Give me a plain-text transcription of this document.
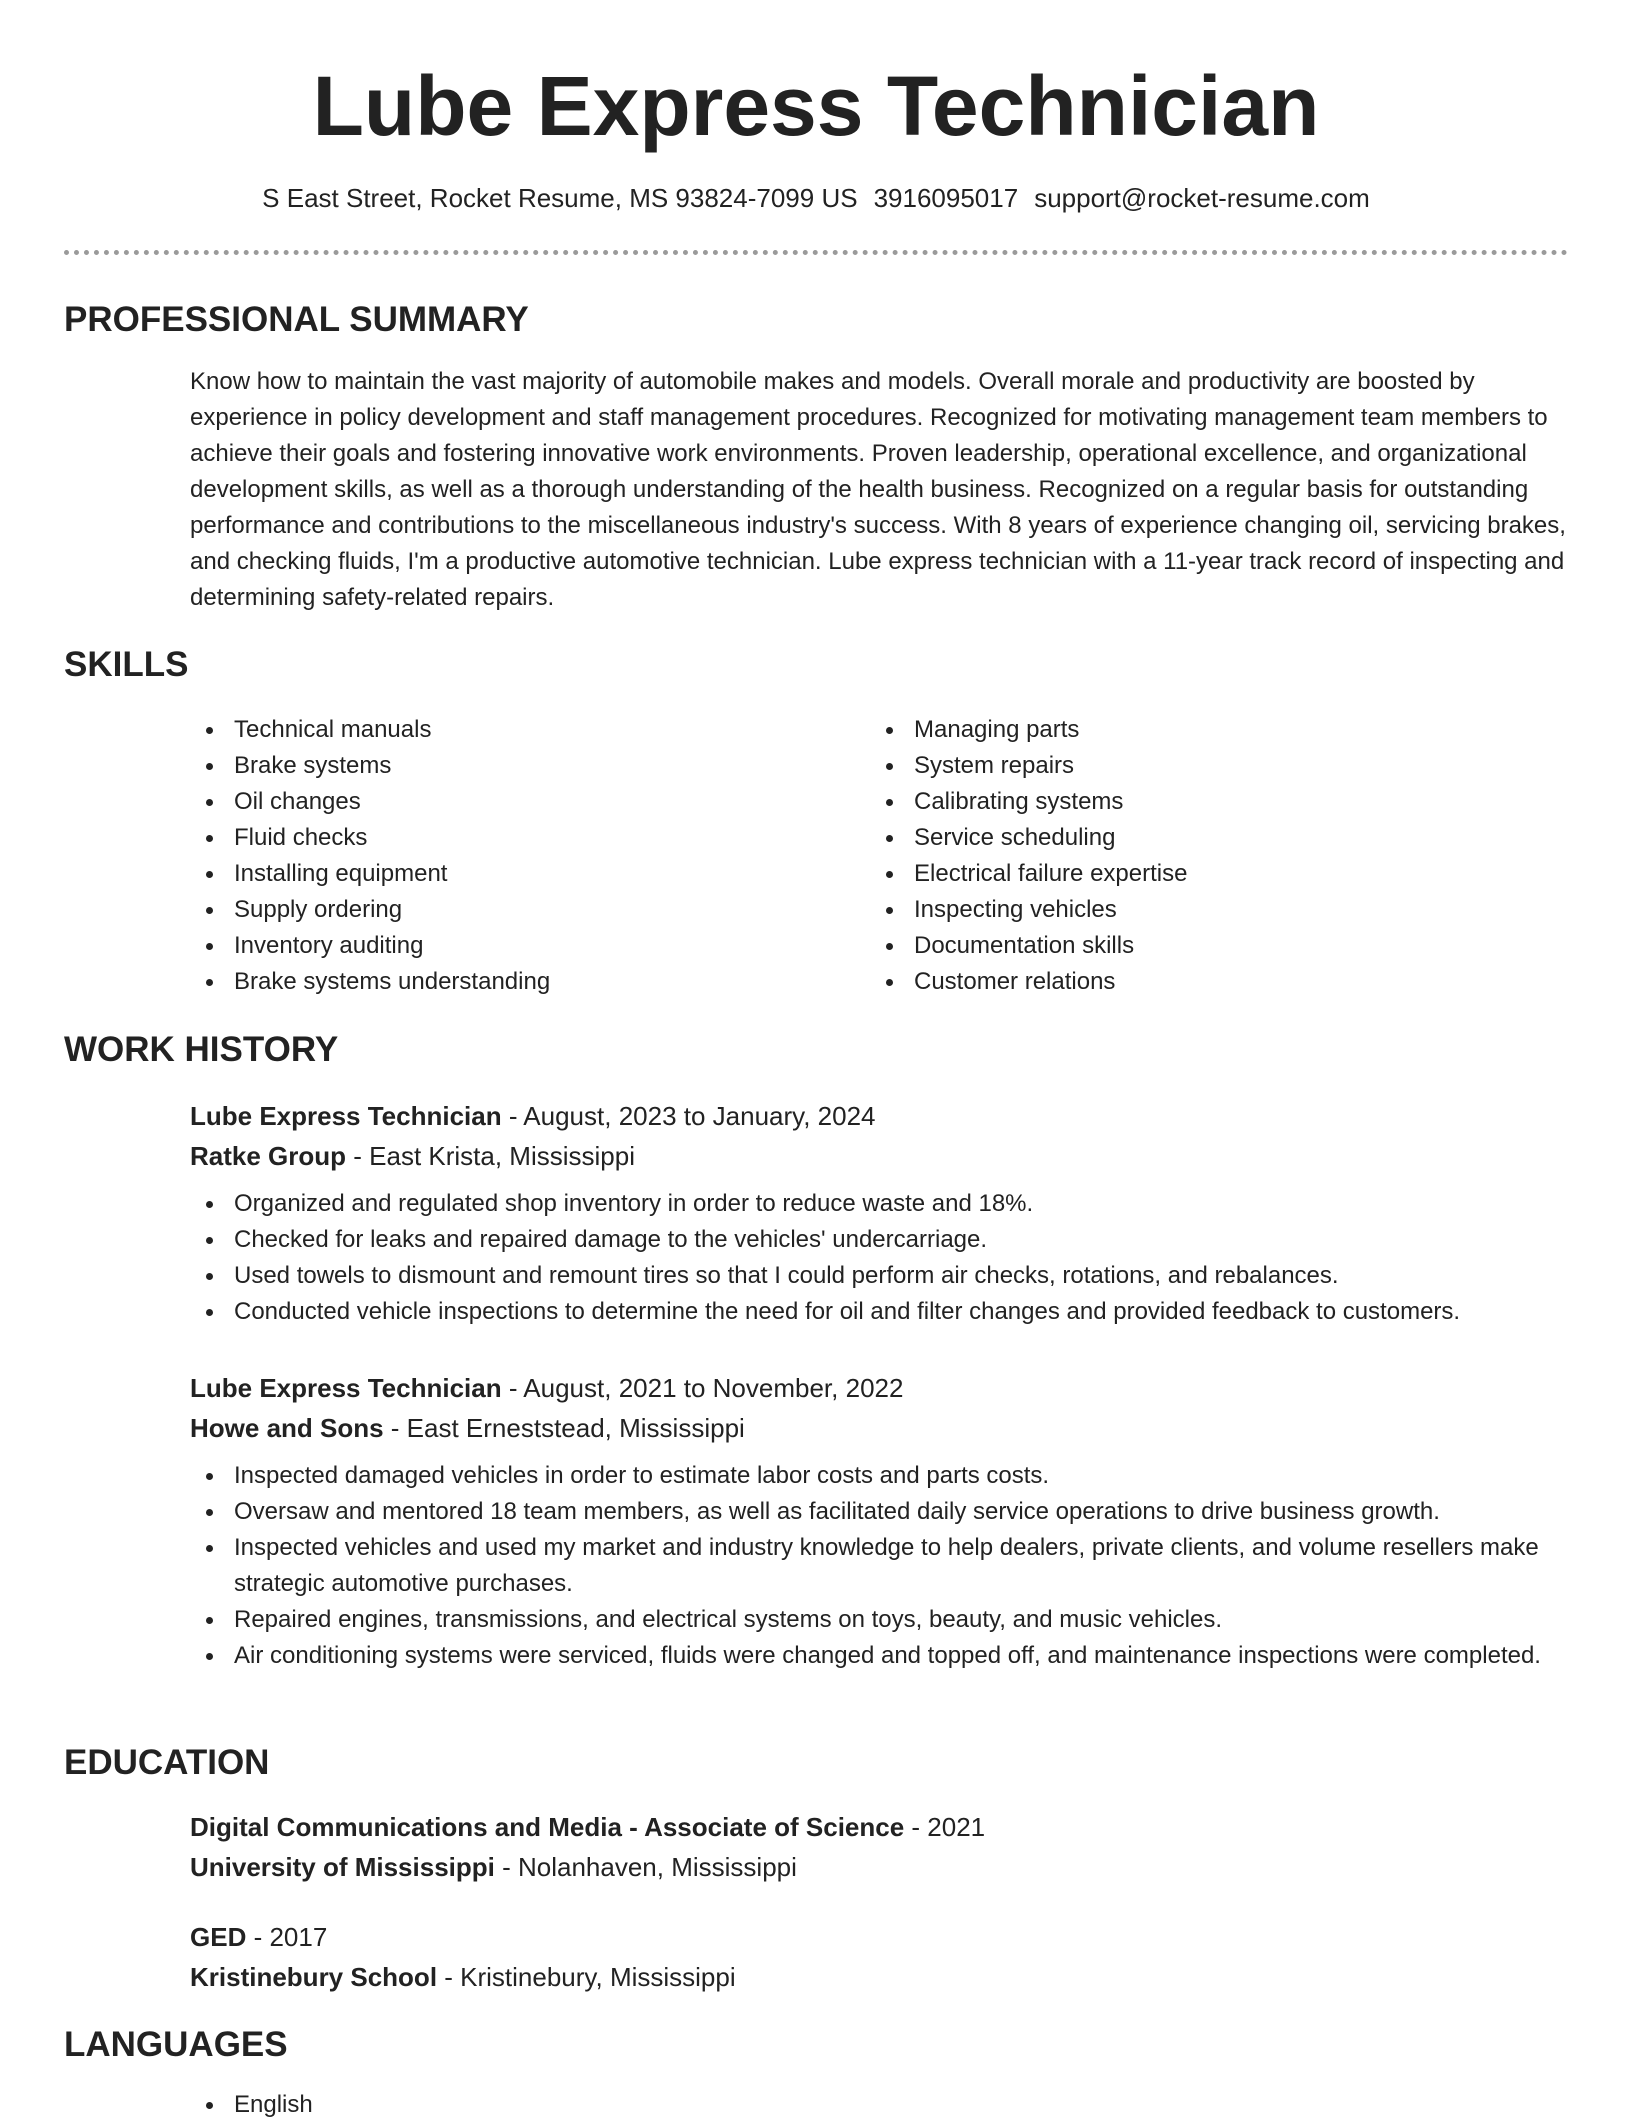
Lube Express Technician
S East Street, Rocket Resume, MS 93824-7099 US 3916095017 support@rocket-resume.com
PROFESSIONAL SUMMARY

Know how to maintain the vast majority of automobile makes and models. Overall morale and productivity are boosted by experience in policy development and staff management procedures. Recognized for motivating management team members to achieve their goals and fostering innovative work environments. Proven leadership, operational excellence, and organizational development skills, as well as a thorough understanding of the health business. Recognized on a regular basis for outstanding performance and contributions to the miscellaneous industry's success. With 8 years of experience changing oil, servicing brakes, and checking fluids, I'm a productive automotive technician. Lube express technician with a 11-year track record of inspecting and determining safety-related repairs.

SKILLS
Technical manuals
Brake systems
Oil changes
Fluid checks
Installing equipment
Supply ordering
Inventory auditing
Brake systems understanding
Managing parts
System repairs
Calibrating systems
Service scheduling
Electrical failure expertise
Inspecting vehicles
Documentation skills
Customer relations
WORK HISTORY
Lube Express Technician - August, 2023 to January, 2024
Ratke Group - East Krista, Mississippi
Organized and regulated shop inventory in order to reduce waste and 18%.
Checked for leaks and repaired damage to the vehicles' undercarriage.
Used towels to dismount and remount tires so that I could perform air checks, rotations, and rebalances.
Conducted vehicle inspections to determine the need for oil and filter changes and provided feedback to customers.
Lube Express Technician - August, 2021 to November, 2022
Howe and Sons - East Erneststead, Mississippi
Inspected damaged vehicles in order to estimate labor costs and parts costs.
Oversaw and mentored 18 team members, as well as facilitated daily service operations to drive business growth.
Inspected vehicles and used my market and industry knowledge to help dealers, private clients, and volume resellers make strategic automotive purchases.
Repaired engines, transmissions, and electrical systems on toys, beauty, and music vehicles.
Air conditioning systems were serviced, fluids were changed and topped off, and maintenance inspections were completed.
EDUCATION
Digital Communications and Media - Associate of Science - 2021
University of Mississippi - Nolanhaven, Mississippi
GED - 2017
Kristinebury School - Kristinebury, Mississippi
LANGUAGES
English
